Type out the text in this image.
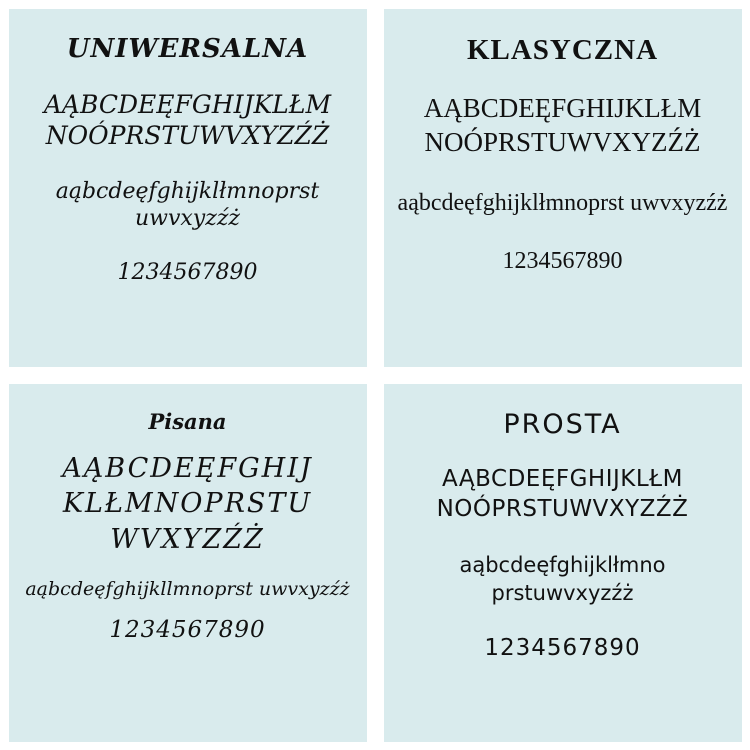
UNIWERSALNA
AĄBCDEĘFGHIJKLŁM NOÓPRSTUWVXYZŹŻ
aąbcdeęfghijklłmnoprst uwvxyzźż
1234567890
KLASYCZNA
AĄBCDEĘFGHIJKLŁM NOÓPRSTUWVXYZŹŻ
aąbcdeęfghijklłmnoprst uwvxyzźż
1234567890
Pisana
AĄBCDEĘFGHIJ KLŁMNOPRSTU WVXYZŹŻ
aąbcdeęfghijkllmnoprst uwvxyzźż
1234567890
PROSTA
AĄBCDEĘFGHIJKLŁM NOÓPRSTUWVXYZŹŻ
aąbcdeęfghijklłmno prstuwvxyzźż
1234567890
